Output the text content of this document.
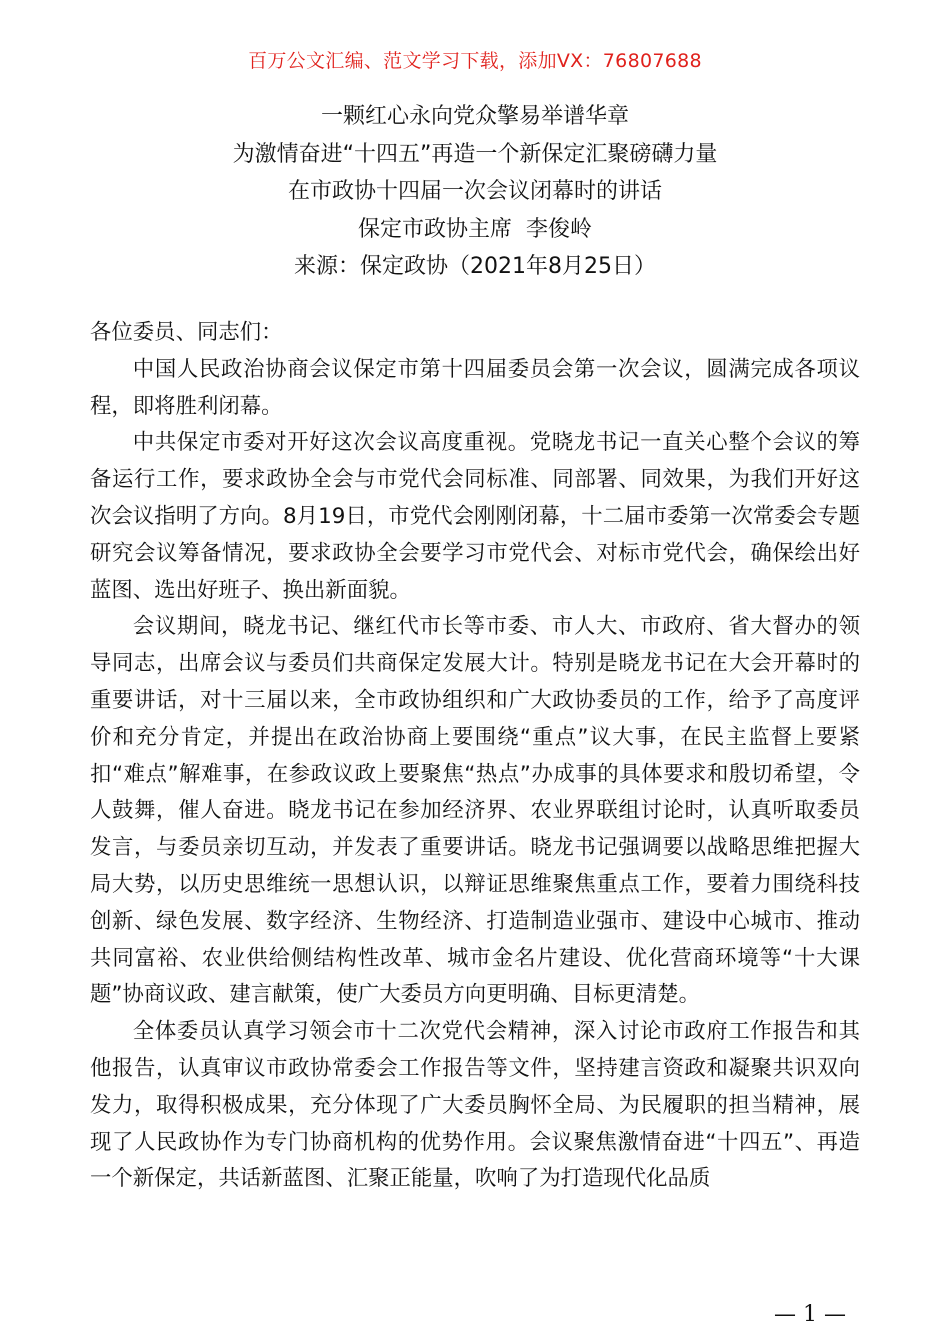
百万公文汇编、范文学习下载，添加VX：76807688
一颗红心永向党众擎易举谱华章
为激情奋进“十四五”再造一个新保定汇聚磅礴力量
在市政协十四届一次会议闭幕时的讲话
保定市政协主席  李俊岭
来源：保定政协（2021年8月25日）

各位委员、同志们：

中国人民政治协商会议保定市第十四届委员会第一次会议，圆满完成各项议程，即将胜利闭幕。

中共保定市委对开好这次会议高度重视。党晓龙书记一直关心整个会议的筹备运行工作，要求政协全会与市党代会同标准、同部署、同效果，为我们开好这次会议指明了方向。8月19日，市党代会刚刚闭幕，十二届市委第一次常委会专题研究会议筹备情况，要求政协全会要学习市党代会、对标市党代会，确保绘出好蓝图、选出好班子、换出新面貌。

会议期间，晓龙书记、继红代市长等市委、市人大、市政府、省大督办的领导同志，出席会议与委员们共商保定发展大计。特别是晓龙书记在大会开幕时的重要讲话，对十三届以来，全市政协组织和广大政协委员的工作，给予了高度评价和充分肯定，并提出在政治协商上要围绕“重点”议大事，在民主监督上要紧扣“难点”解难事，在参政议政上要聚焦“热点”办成事的具体要求和殷切希望，令人鼓舞，催人奋进。晓龙书记在参加经济界、农业界联组讨论时，认真听取委员发言，与委员亲切互动，并发表了重要讲话。晓龙书记强调要以战略思维把握大局大势，以历史思维统一思想认识，以辩证思维聚焦重点工作，要着力围绕科技创新、绿色发展、数字经济、生物经济、打造制造业强市、建设中心城市、推动共同富裕、农业供给侧结构性改革、城市金名片建设、优化营商环境等“十大课题”协商议政、建言献策，使广大委员方向更明确、目标更清楚。

全体委员认真学习领会市十二次党代会精神，深入讨论市政府工作报告和其他报告，认真审议市政协常委会工作报告等文件，坚持建言资政和凝聚共识双向发力，取得积极成果，充分体现了广大委员胸怀全局、为民履职的担当精神，展现了人民政协作为专门协商机构的优势作用。会议聚焦激情奋进“十四五”、再造一个新保定，共话新蓝图、汇聚正能量，吹响了为打造现代化品质

— 1 —
